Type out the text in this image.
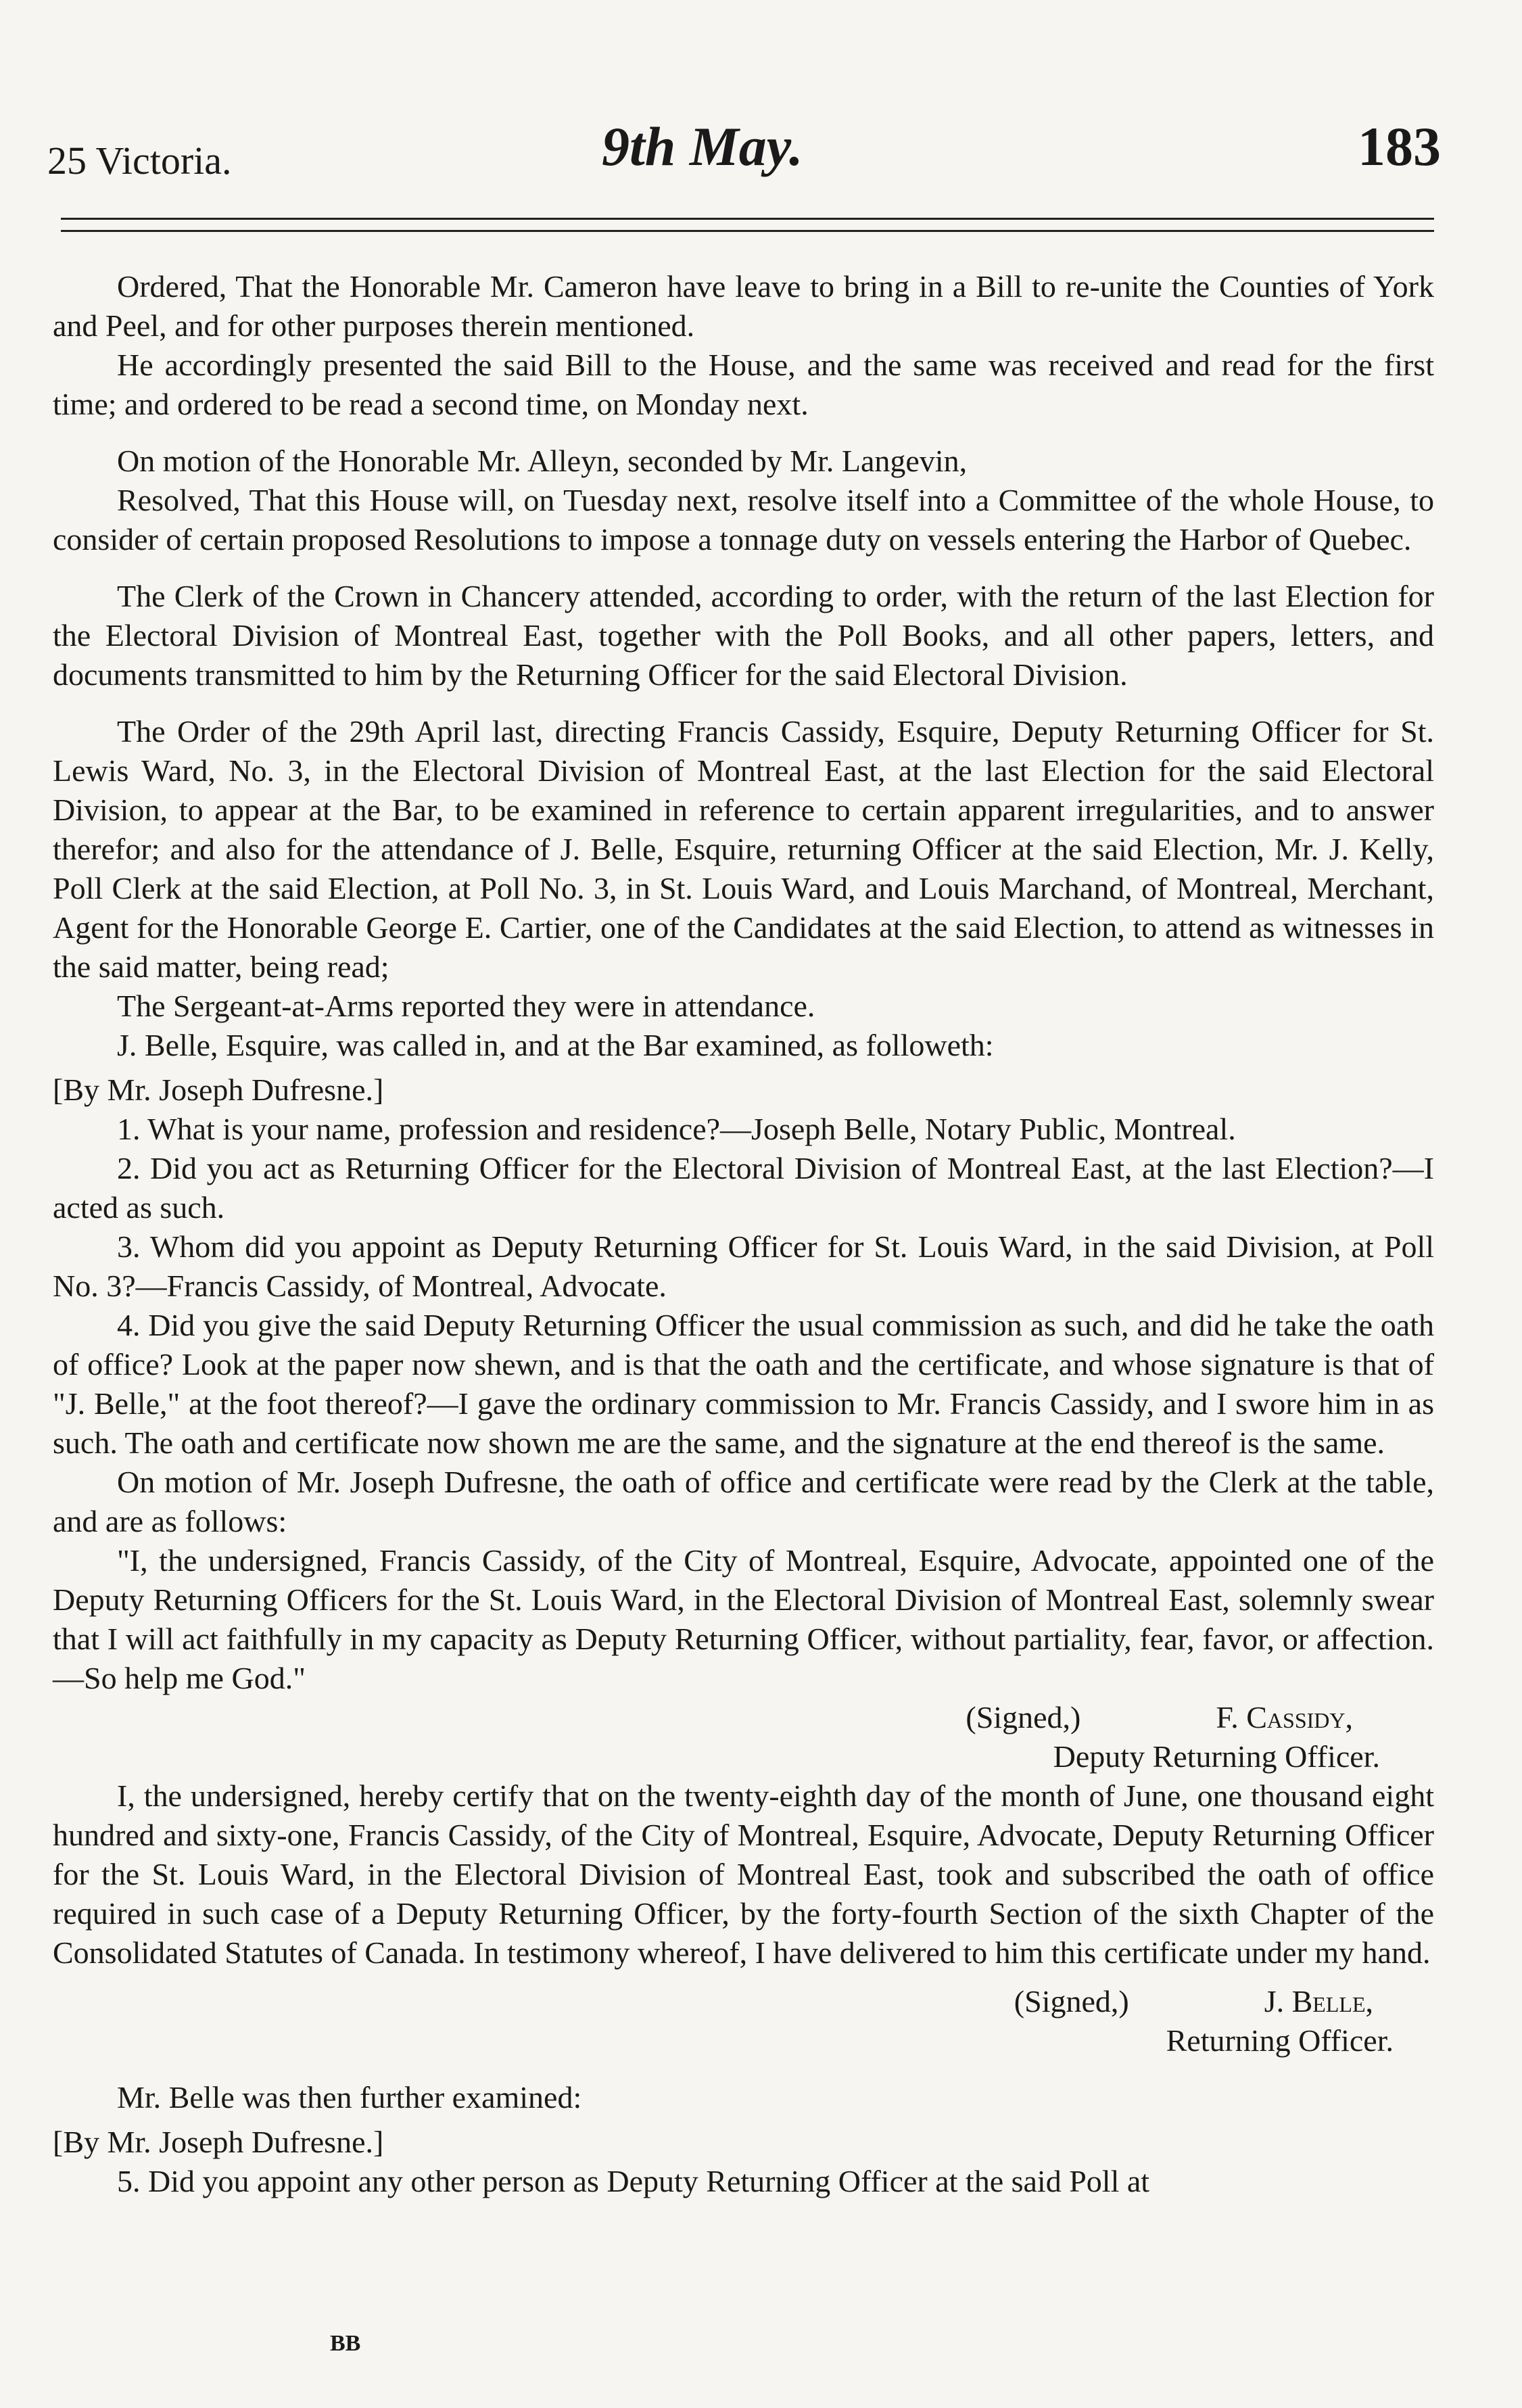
25 Victoria.	9th May.	183

Ordered, That the Honorable Mr. Cameron have leave to bring in a Bill to re-unite the Counties of York and Peel, and for other purposes therein mentioned.

He accordingly presented the said Bill to the House, and the same was received and read for the first time; and ordered to be read a second time, on Monday next.

On motion of the Honorable Mr. Alleyn, seconded by Mr. Langevin,

Resolved, That this House will, on Tuesday next, resolve itself into a Committee of the whole House, to consider of certain proposed Resolutions to impose a tonnage duty on vessels entering the Harbor of Quebec.

The Clerk of the Crown in Chancery attended, according to order, with the return of the last Election for the Electoral Division of Montreal East, together with the Poll Books, and all other papers, letters, and documents transmitted to him by the Returning Officer for the said Electoral Division.

The Order of the 29th April last, directing Francis Cassidy, Esquire, Deputy Returning Officer for St. Lewis Ward, No. 3, in the Electoral Division of Montreal East, at the last Election for the said Electoral Division, to appear at the Bar, to be examined in reference to certain apparent irregularities, and to answer therefor; and also for the attendance of J. Belle, Esquire, returning Officer at the said Election, Mr. J. Kelly, Poll Clerk at the said Election, at Poll No. 3, in St. Louis Ward, and Louis Marchand, of Montreal, Merchant, Agent for the Honorable George E. Cartier, one of the Candidates at the said Election, to attend as witnesses in the said matter, being read;

The Sergeant-at-Arms reported they were in attendance.

J. Belle, Esquire, was called in, and at the Bar examined, as followeth:

[By Mr. Joseph Dufresne.]

1. What is your name, profession and residence?—Joseph Belle, Notary Public, Montreal.

2. Did you act as Returning Officer for the Electoral Division of Montreal East, at the last Election?—I acted as such.

3. Whom did you appoint as Deputy Returning Officer for St. Louis Ward, in the said Division, at Poll No. 3?—Francis Cassidy, of Montreal, Advocate.

4. Did you give the said Deputy Returning Officer the usual commission as such, and did he take the oath of office? Look at the paper now shewn, and is that the oath and the certificate, and whose signature is that of "J. Belle," at the foot thereof?—I gave the ordinary commission to Mr. Francis Cassidy, and I swore him in as such. The oath and certificate now shown me are the same, and the signature at the end thereof is the same.

On motion of Mr. Joseph Dufresne, the oath of office and certificate were read by the Clerk at the table, and are as follows:

"I, the undersigned, Francis Cassidy, of the City of Montreal, Esquire, Advocate, appointed one of the Deputy Returning Officers for the St. Louis Ward, in the Electoral Division of Montreal East, solemnly swear that I will act faithfully in my capacity as Deputy Returning Officer, without partiality, fear, favor, or affection.—So help me God."

(Signed,)	F. Cassidy,
Deputy Returning Officer.

I, the undersigned, hereby certify that on the twenty-eighth day of the month of June, one thousand eight hundred and sixty-one, Francis Cassidy, of the City of Montreal, Esquire, Advocate, Deputy Returning Officer for the St. Louis Ward, in the Electoral Division of Montreal East, took and subscribed the oath of office required in such case of a Deputy Returning Officer, by the forty-fourth Section of the sixth Chapter of the Consolidated Statutes of Canada. In testimony whereof, I have delivered to him this certificate under my hand.

(Signed,)	J. Belle,
Returning Officer.

Mr. Belle was then further examined:

[By Mr. Joseph Dufresne.]

5. Did you appoint any other person as Deputy Returning Officer at the said Poll at

BB
